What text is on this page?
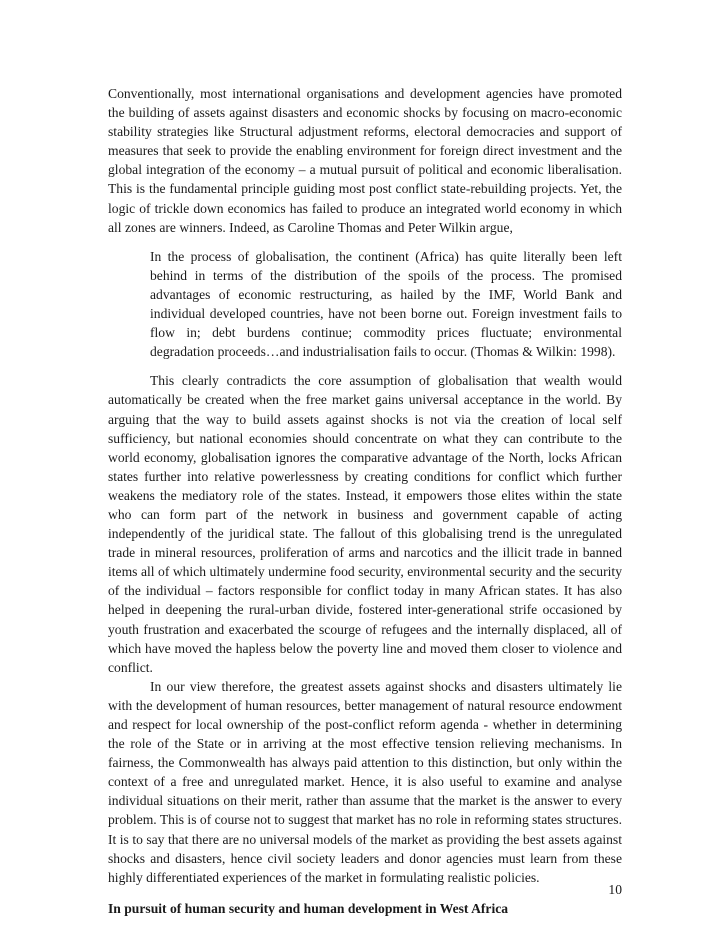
Conventionally, most international organisations and development agencies have promoted the building of assets against disasters and economic shocks by focusing on macro-economic stability strategies like Structural adjustment reforms, electoral democracies and support of measures that seek to provide the enabling environment for foreign direct investment and the global integration of the economy – a mutual pursuit of political and economic liberalisation. This is the fundamental principle guiding most post conflict state-rebuilding projects. Yet, the logic of trickle down economics has failed to produce an integrated world economy in which all zones are winners. Indeed, as Caroline Thomas and Peter Wilkin argue,

In the process of globalisation, the continent (Africa) has quite literally been left behind in terms of the distribution of the spoils of the process. The promised advantages of economic restructuring, as hailed by the IMF, World Bank and individual developed countries, have not been borne out. Foreign investment fails to flow in; debt burdens continue; commodity prices fluctuate; environmental degradation proceeds…and industrialisation fails to occur. (Thomas & Wilkin: 1998).

This clearly contradicts the core assumption of globalisation that wealth would automatically be created when the free market gains universal acceptance in the world. By arguing that the way to build assets against shocks is not via the creation of local self sufficiency, but national economies should concentrate on what they can contribute to the world economy, globalisation ignores the comparative advantage of the North, locks African states further into relative powerlessness by creating conditions for conflict which further weakens the mediatory role of the states. Instead, it empowers those elites within the state who can form part of the network in business and government capable of acting independently of the juridical state. The fallout of this globalising trend is the unregulated trade in mineral resources, proliferation of arms and narcotics and the illicit trade in banned items all of which ultimately undermine food security, environmental security and the security of the individual – factors responsible for conflict today in many African states. It has also helped in deepening the rural-urban divide, fostered inter-generational strife occasioned by youth frustration and exacerbated the scourge of refugees and the internally displaced, all of which have moved the hapless below the poverty line and moved them closer to violence and conflict.

In our view therefore, the greatest assets against shocks and disasters ultimately lie with the development of human resources, better management of natural resource endowment and respect for local ownership of the post-conflict reform agenda - whether in determining the role of the State or in arriving at the most effective tension relieving mechanisms. In fairness, the Commonwealth has always paid attention to this distinction, but only within the context of a free and unregulated market. Hence, it is also useful to examine and analyse individual situations on their merit, rather than assume that the market is the answer to every problem. This is of course not to suggest that market has no role in reforming states structures. It is to say that there are no universal models of the market as providing the best assets against shocks and disasters, hence civil society leaders and donor agencies must learn from these highly differentiated experiences of the market in formulating realistic policies.

In pursuit of human security and human development in West Africa

10
